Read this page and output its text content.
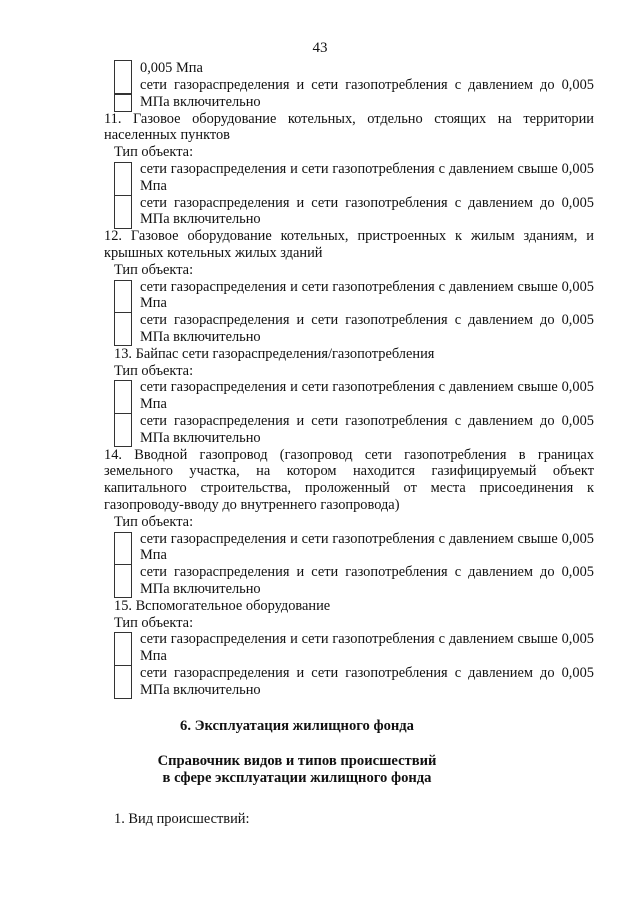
43
0,005 Мпа
сети газораспределения и сети газопотребления с давлением до 0,005 МПа включительно
11. Газовое оборудование котельных, отдельно стоящих на территории населенных пунктов
Тип объекта:
сети газораспределения и сети газопотребления с давлением свыше 0,005 Мпа
сети газораспределения и сети газопотребления с давлением до 0,005 МПа включительно
12. Газовое оборудование котельных, пристроенных к жилым зданиям, и крышных котельных жилых зданий
Тип объекта:
сети газораспределения и сети газопотребления с давлением свыше 0,005 Мпа
сети газораспределения и сети газопотребления с давлением до 0,005 МПа включительно
13. Байпас сети газораспределения/газопотребления
Тип объекта:
сети газораспределения и сети газопотребления с давлением свыше 0,005 Мпа
сети газораспределения и сети газопотребления с давлением до 0,005 МПа включительно
14. Вводной газопровод (газопровод сети газопотребления в границах земельного участка, на котором находится газифицируемый объект капитального строительства, проложенный от места присоединения к газопроводу-вводу до внутреннего газопровода)
Тип объекта:
сети газораспределения и сети газопотребления с давлением свыше 0,005 Мпа
сети газораспределения и сети газопотребления с давлением до 0,005 МПа включительно
15. Вспомогательное оборудование
Тип объекта:
сети газораспределения и сети газопотребления с давлением свыше 0,005 Мпа
сети газораспределения и сети газопотребления с давлением до 0,005 МПа включительно
6. Эксплуатация жилищного фонда
Справочник видов и типов происшествий
в сфере эксплуатации жилищного фонда
1. Вид происшествий:
